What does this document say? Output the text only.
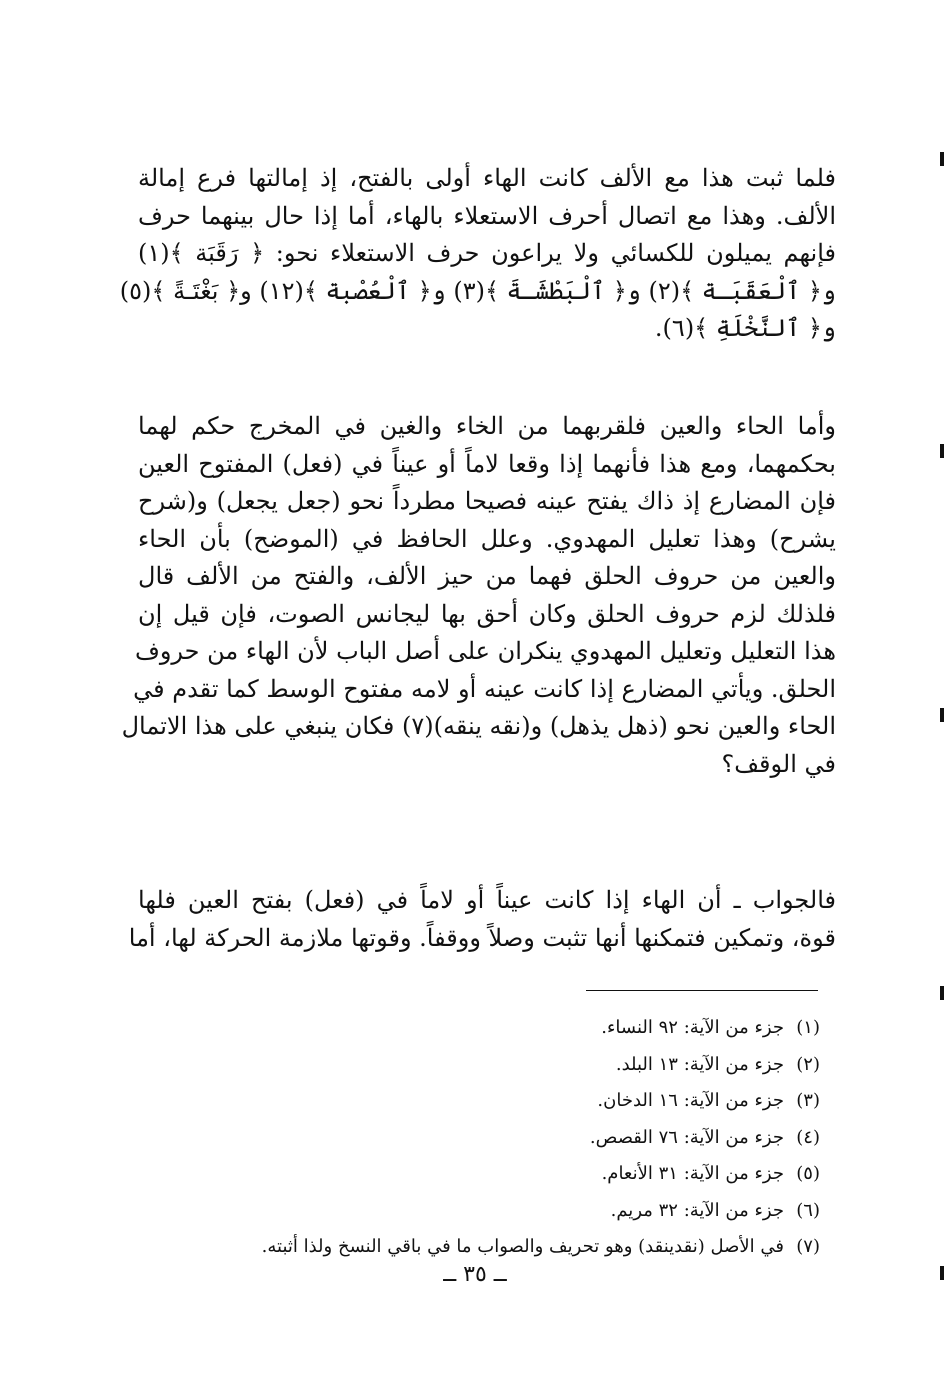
فلما ثبت هذا مع الألف كانت الهاء أولى بالفتح، إذ إمالتها فرع إمالة
الألف. وهذا مع اتصال أحرف الاستعلاء بالهاء، أما إذا حال بينهما حرف
فإنهم يميلون للكسائي ولا يراعون حرف الاستعلاء نحو: ﴿ رَقَبَة ﴾(١)
و﴿ ٱلْعَقَبَـة ﴾(٢) و﴿ ٱلْبَطْشَـةَ ﴾(٣) و﴿ ٱلْعُصْبة ﴾(١٢) و﴿ بَغْتَـةً ﴾(٥)
و﴿ ٱلنَّخْلَةِ ﴾(٦).
وأما الحاء والعين فلقربهما من الخاء والغين في المخرج حكم لهما
بحكمهما، ومع هذا فأنهما إذا وقعا لاماً أو عيناً في (فعل) المفتوح العين
فإن المضارع إذ ذاك يفتح عينه فصيحا مطرداً نحو (جعل يجعل) و(شرح
يشرح) وهذا تعليل المهدوي. وعلل الحافظ في (الموضح) بأن الحاء
والعين من حروف الحلق فهما من حيز الألف، والفتح من الألف قال
فلذلك لزم حروف الحلق وكان أحق بها ليجانس الصوت، فإن قيل إن
هذا التعليل وتعليل المهدوي ينكران على أصل الباب لأن الهاء من حروف
الحلق. ويأتي المضارع إذا كانت عينه أو لامه مفتوح الوسط كما تقدم في
الحاء والعين نحو (ذهل يذهل) و(نقه ينقه)(٧) فكان ينبغي على هذا الاتمال
في الوقف؟
فالجواب ـ أن الهاء إذا كانت عيناً أو لاماً في (فعل) بفتح العين فلها
قوة، وتمكين فتمكنها أنها تثبت وصلاً ووقفاً. وقوتها ملازمة الحركة لها، أما
(١)جزء من الآية: ٩٢ النساء.
(٢)جزء من الآية: ١٣ البلد.
(٣)جزء من الآية: ١٦ الدخان.
(٤)جزء من الآية: ٧٦ القصص.
(٥)جزء من الآية: ٣١ الأنعام.
(٦)جزء من الآية: ٣٢ مريم.
(٧)في الأصل (نقدينقد) وهو تحريف والصواب ما في باقي النسخ ولذا أثبته.
ــ ٣٥ ــ
